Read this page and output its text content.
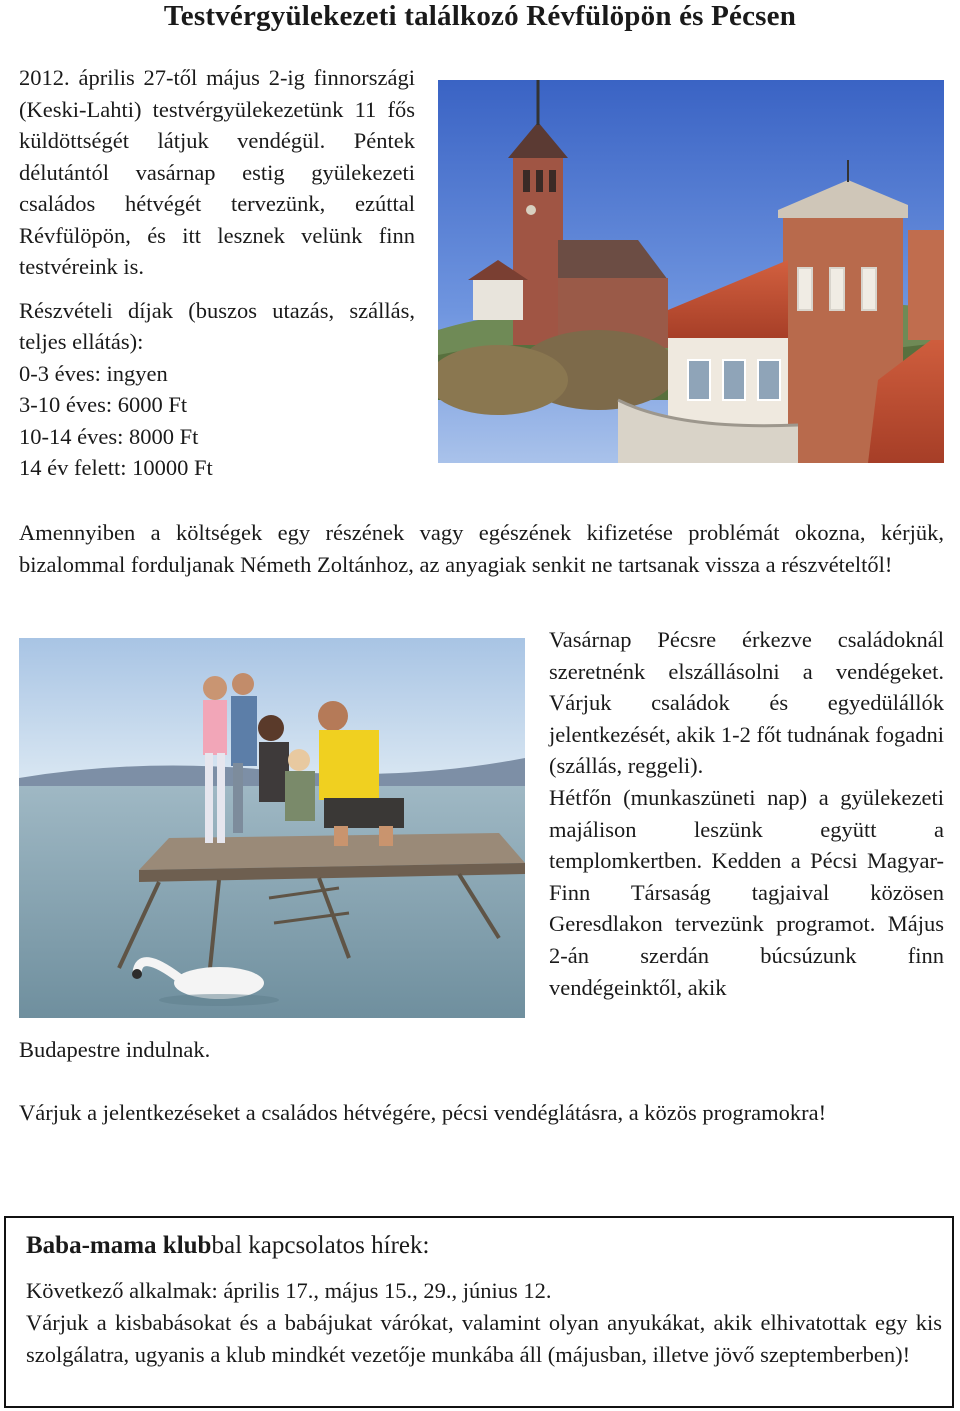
Testvérgyülekezeti találkozó Révfülöpön és Pécsen

2012. április 27-től május 2-ig finnországi (Keski-Lahti) testvérgyülekezetünk 11 fős küldöttségét látjuk vendégül. Péntek délutántól vasárnap estig gyülekezeti családos hétvégét tervezünk, ezúttal Révfülöpön, és itt lesznek velünk finn testvéreink is.

Részvételi díjak (buszos utazás, szállás, teljes ellátás):

0-3 éves: ingyen
3-10 éves: 6000 Ft
10-14 éves: 8000 Ft
14 év felett: 10000 Ft

Amennyiben a költségek egy részének vagy egészének kifizetése problémát okozna, kérjük, bizalommal forduljanak Németh Zoltánhoz, az anyagiak senkit ne tartsanak vissza a részvételtől!

Vasárnap Pécsre érkezve családoknál szeretnénk elszállásolni a vendégeket. Várjuk családok és egyedülállók jelentkezését, akik 1-2 főt tudnának fogadni (szállás, reggeli).

Hétfőn (munkaszüneti nap) a gyülekezeti majálison leszünk együtt a templomkertben. Kedden a Pécsi Magyar-Finn Társaság tagjaival közösen Geresdlakon tervezünk programot. Május 2-án szerdán búcsúzunk finn vendégeinktől, akik

Budapestre indulnak.

Várjuk a jelentkezéseket a családos hétvégére, pécsi vendéglátásra, a közös programokra!

Baba-mama klubbal kapcsolatos hírek:

Következő alkalmak: április 17., május 15., 29., június 12.

Várjuk a kisbabásokat és a babájukat várókat, valamint olyan anyukákat, akik elhivatottak egy kis szolgálatra, ugyanis a klub mindkét vezetője munkába áll (májusban, illetve jövő szeptemberben)!
